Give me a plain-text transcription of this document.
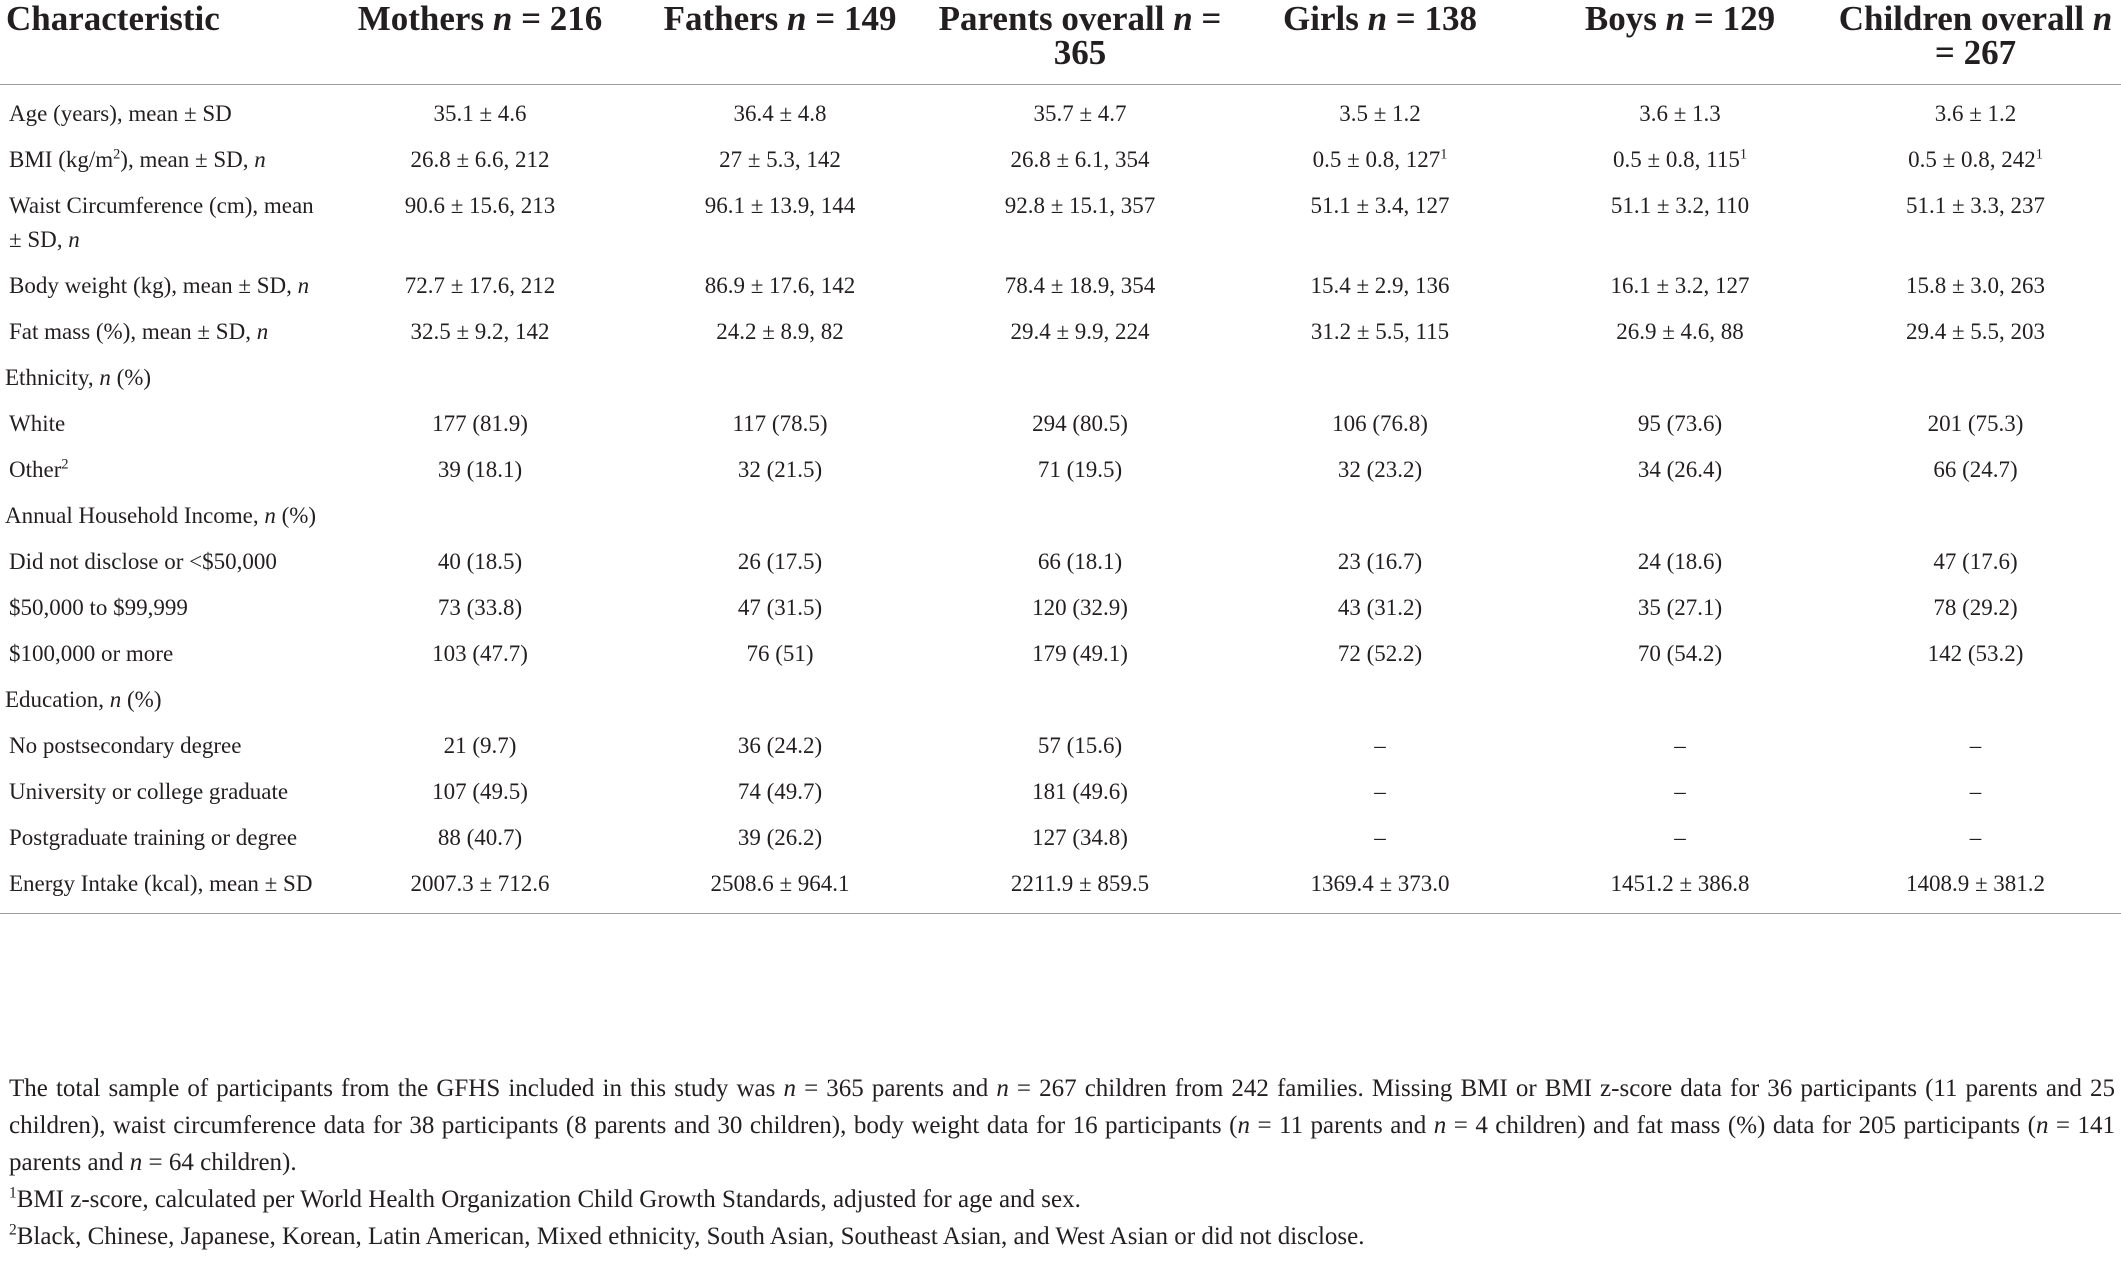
Characteristic	Mothers n = 216	Fathers n = 149	Parents overall n = 365	Girls n = 138	Boys n = 129	Children overall n = 267
Age (years), mean ± SD	35.1 ± 4.6	36.4 ± 4.8	35.7 ± 4.7	3.5 ± 1.2	3.6 ± 1.3	3.6 ± 1.2
BMI $(kg/m^2)$, mean ± SD, n	26.8 ± 6.6, 212	27 ± 5.3, 142	26.8 ± 6.1, 354	0.5 ± 0.8, $127^1$	0.5 ± 0.8, $115^1$	0.5 ± 0.8, $242^1$
Waist Circumference (cm), mean ± SD, n	90.6 ± 15.6, 213	96.1 ± 13.9, 144	92.8 ± 15.1, 357	51.1 ± 3.4, 127	51.1 ± 3.2, 110	51.1 ± 3.3, 237
Body weight (kg), mean ± SD, n	72.7 ± 17.6, 212	86.9 ± 17.6, 142	78.4 ± 18.9, 354	15.4 ± 2.9, 136	16.1 ± 3.2, 127	15.8 ± 3.0, 263
Fat mass (%), mean ± SD, n	32.5 ± 9.2, 142	24.2 ± 8.9, 82	29.4 ± 9.9, 224	31.2 ± 5.5, 115	26.9 ± 4.6, 88	29.4 ± 5.5, 203
Ethnicity, n (%)						
White	177 (81.9)	117 (78.5)	294 (80.5)	106 (76.8)	95 (73.6)	201 (75.3)
Other$^2$	39 (18.1)	32 (21.5)	71 (19.5)	32 (23.2)	34 (26.4)	66 (24.7)
Annual Household Income, n (%)						
Did not disclose or <$50,000	40 (18.5)	26 (17.5)	66 (18.1)	23 (16.7)	24 (18.6)	47 (17.6)
$50,000 to $99,999	73 (33.8)	47 (31.5)	120 (32.9)	43 (31.2)	35 (27.1)	78 (29.2)
$100,000 or more	103 (47.7)	76 (51)	179 (49.1)	72 (52.2)	70 (54.2)	142 (53.2)
Education, n (%)						
No postsecondary degree	21 (9.7)	36 (24.2)	57 (15.6)	–	–	–
University or college graduate	107 (49.5)	74 (49.7)	181 (49.6)	–	–	–
Postgraduate training or degree	88 (40.7)	39 (26.2)	127 (34.8)	–	–	–
Energy Intake (kcal), mean ± SD	2007.3 ± 712.6	2508.6 ± 964.1	2211.9 ± 859.5	1369.4 ± 373.0	1451.2 ± 386.8	1408.9 ± 381.2

The total sample of participants from the GFHS included in this study was n = 365 parents and n = 267 children from 242 families. Missing BMI or BMI z-score data for 36 participants (11 parents and 25 children), waist circumference data for 38 participants (8 parents and 30 children), body weight data for 16 participants (n = 11 parents and n = 4 children) and fat mass (%) data for 205 participants (n = 141 parents and n = 64 children).

$^1$BMI z-score, calculated per World Health Organization Child Growth Standards, adjusted for age and sex.

$^2$Black, Chinese, Japanese, Korean, Latin American, Mixed ethnicity, South Asian, Southeast Asian, and West Asian or did not disclose.
